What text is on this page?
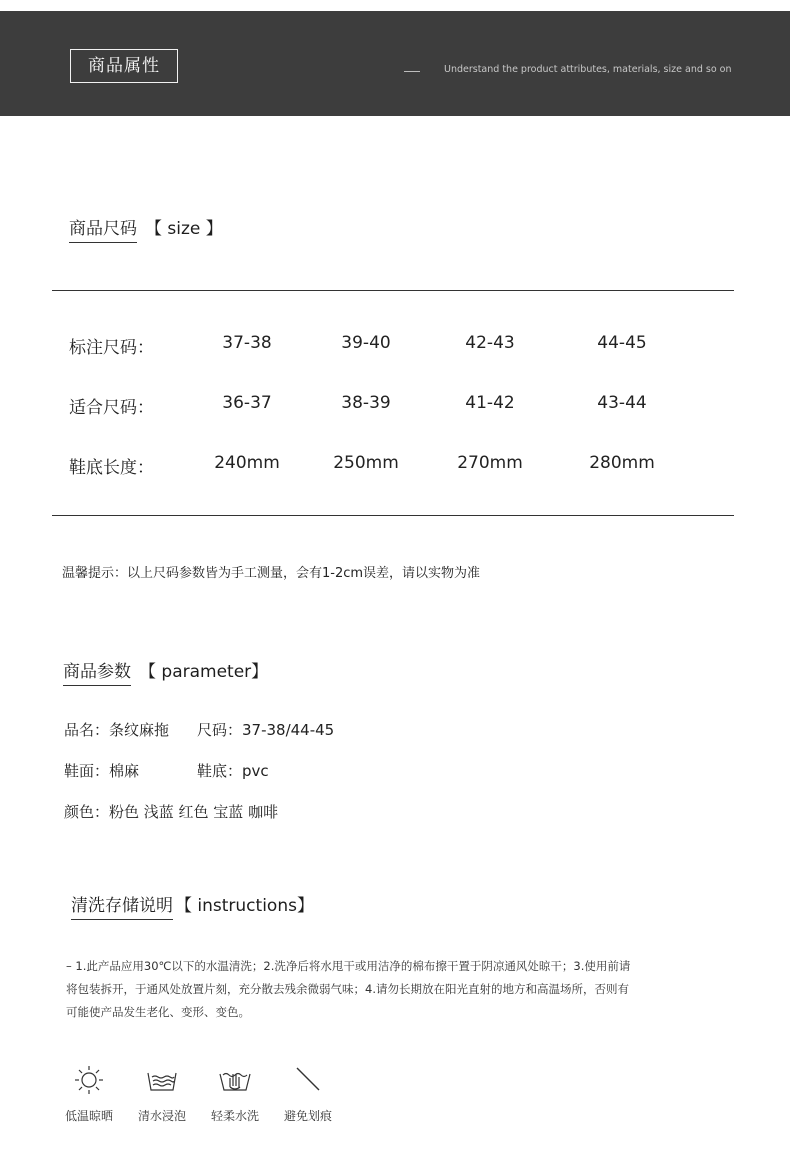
商品属性	Understand the product attributes, materials, size and so on
商品尺码 【 size 】
标注尺码：	37-38	39-40	42-43	44-45
适合尺码：	36-37	38-39	41-42	43-44
鞋底长度：	240mm	250mm	270mm	280mm
温馨提示：以上尺码参数皆为手工测量，会有1-2cm误差，请以实物为准
商品参数 【 parameter】
品名：条纹麻拖 尺码：37-38/44-45
鞋面：棉麻	鞋底：pvc
颜色：粉色 浅蓝 红色 宝蓝 咖啡
清洗存储说明 【 instructions】

– 1.此产品应用30℃以下的水温清洗；2.洗净后将水甩干或用洁净的棉布擦干置于阴凉通风处晾干；3.使用前请

将包装拆开，于通风处放置片刻，充分散去残余微弱气味；4.请勿长期放在阳光直射的地方和高温场所，否则有

可能使产品发生老化、变形、变色。

低温晾晒	清水浸泡	轻柔水洗	避免划痕
